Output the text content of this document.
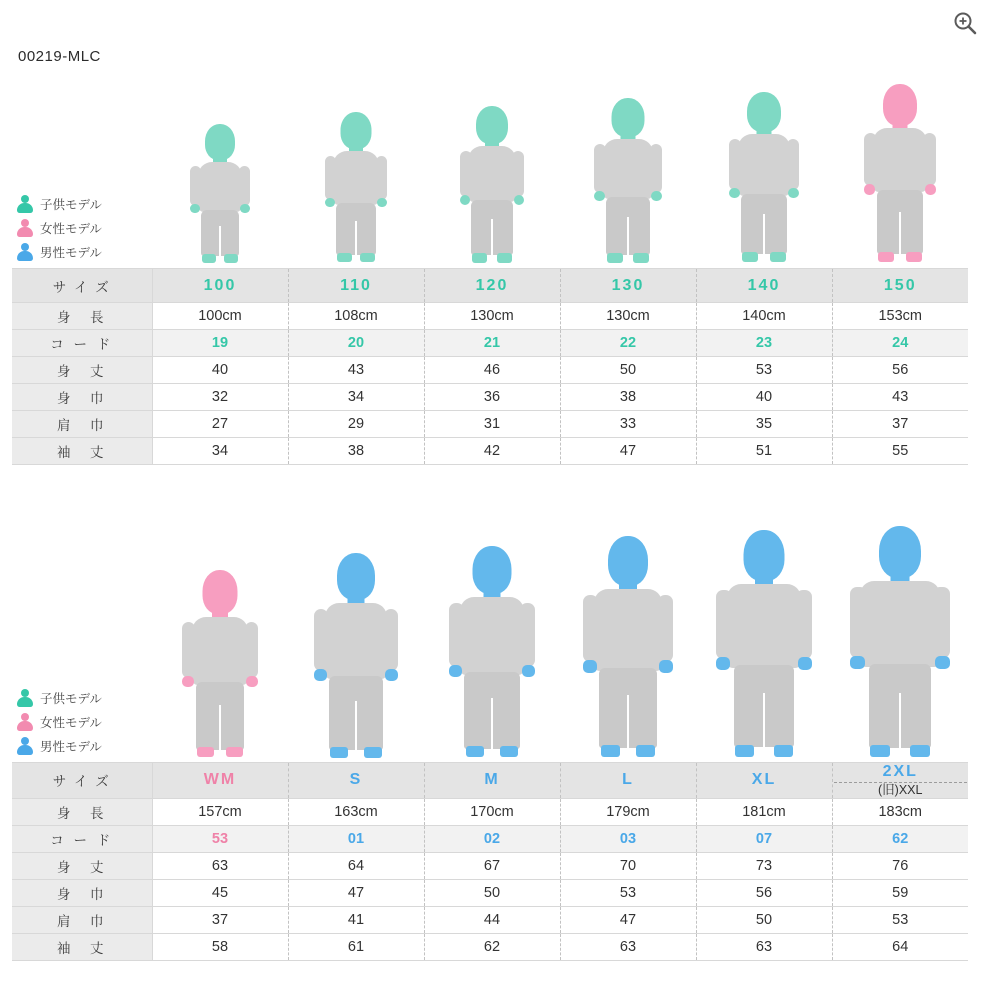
00219-MLC
子供モデル
女性モデル
男性モデル
サ イ ズ	100	110	120	130	140	150
身　長	100cm	108cm	130cm	130cm	140cm	153cm
コ ー ド	19	20	21	22	23	24
身　丈	40	43	46	50	53	56
身　巾	32	34	36	38	40	43
肩　巾	27	29	31	33	35	37
袖　丈	34	38	42	47	51	55
子供モデル
女性モデル
男性モデル
サ イ ズ	WM	S	M	L	XL	2XL
(旧)XXL

身　長	157cm	163cm	170cm	179cm	181cm	183cm
コ ー ド	53	01	02	03	07	62
身　丈	63	64	67	70	73	76
身　巾	45	47	50	53	56	59
肩　巾	37	41	44	47	50	53
袖　丈	58	61	62	63	63	64
